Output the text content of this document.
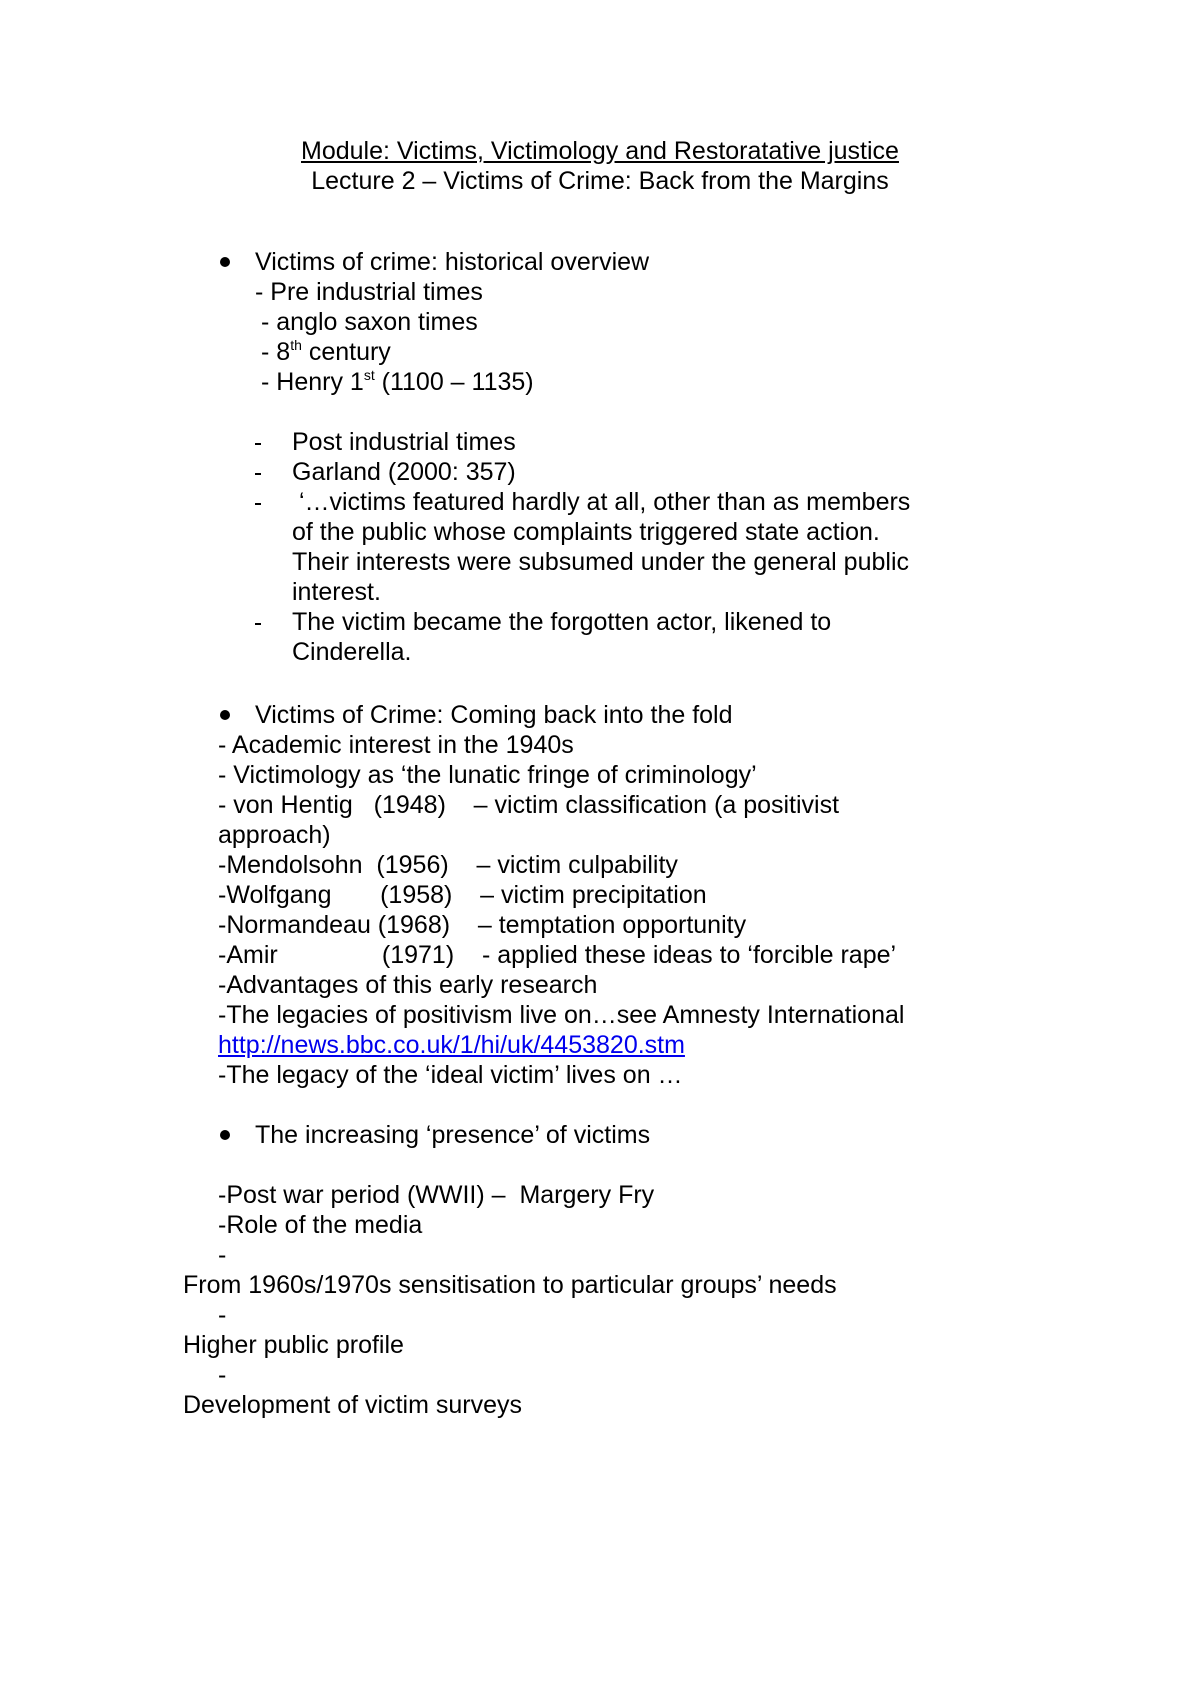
Module: Victims, Victimology and Restoratative justice
Lecture 2 – Victims of Crime: Back from the Margins
Victims of crime: historical overview
- Pre industrial times
- anglo saxon times
- 8th century
- Henry 1st (1100 – 1135)
Post industrial times
Garland (2000: 357)
‘…victims featured hardly at all, other than as members
of the public whose complaints triggered state action.
Their interests were subsumed under the general public
interest.
The victim became the forgotten actor, likened to
Cinderella.
Victims of Crime: Coming back into the fold
- Academic interest in the 1940s
- Victimology as ‘the lunatic fringe of criminology’
- von Hentig   (1948)    – victim classification (a positivist
approach)
-Mendolsohn  (1956)    – victim culpability
-Wolfgang       (1958)    – victim precipitation
-Normandeau (1968)    – temptation opportunity
-Amir               (1971)    - applied these ideas to ‘forcible rape’
-Advantages of this early research
-The legacies of positivism live on…see Amnesty International
http://news.bbc.co.uk/1/hi/uk/4453820.stm
-The legacy of the ‘ideal victim’ lives on …
The increasing ‘presence’ of victims
-Post war period (WWII) –  Margery Fry
-Role of the media
-
From 1960s/1970s sensitisation to particular groups’ needs
-
Higher public profile
-
Development of victim surveys
